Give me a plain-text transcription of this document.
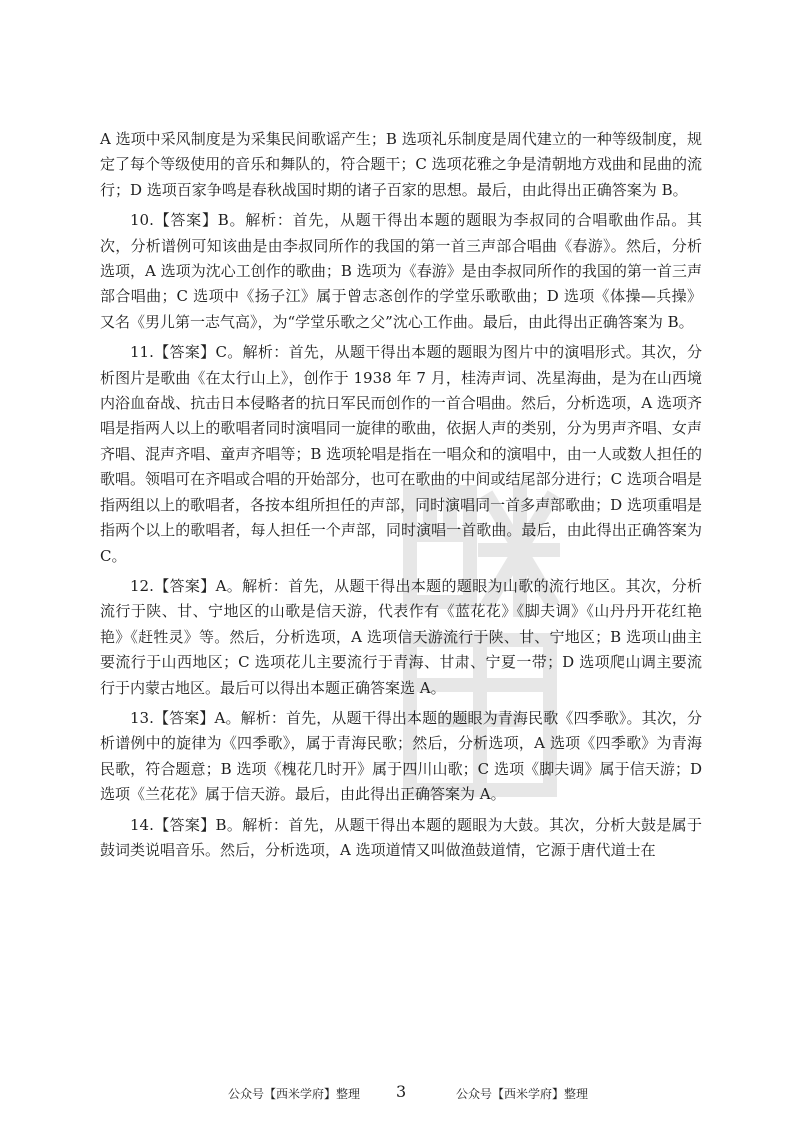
A 选项中采风制度是为采集民间歌谣产生；B 选项礼乐制度是周代建立的一种等级制度，规定了每个等级使用的音乐和舞队的，符合题干；C 选项花雅之争是清朝地方戏曲和昆曲的流行；D 选项百家争鸣是春秋战国时期的诸子百家的思想。最后，由此得出正确答案为 B。

10.【答案】B。解析：首先，从题干得出本题的题眼为李叔同的合唱歌曲作品。其次，分析谱例可知该曲是由李叔同所作的我国的第一首三声部合唱曲《春游》。然后，分析选项，A 选项为沈心工创作的歌曲；B 选项为《春游》是由李叔同所作的我国的第一首三声部合唱曲；C 选项中《扬子江》属于曾志忞创作的学堂乐歌歌曲；D 选项《体操—兵操》又名《男儿第一志气高》，为“学堂乐歌之父”沈心工作曲。最后，由此得出正确答案为 B。

11.【答案】C。解析：首先，从题干得出本题的题眼为图片中的演唱形式。其次，分析图片是歌曲《在太行山上》，创作于 1938 年 7 月，桂涛声词、冼星海曲，是为在山西境内浴血奋战、抗击日本侵略者的抗日军民而创作的一首合唱曲。然后，分析选项，A 选项齐唱是指两人以上的歌唱者同时演唱同一旋律的歌曲，依据人声的类别，分为男声齐唱、女声齐唱、混声齐唱、童声齐唱等；B 选项轮唱是指在一唱众和的演唱中，由一人或数人担任的歌唱。领唱可在齐唱或合唱的开始部分，也可在歌曲的中间或结尾部分进行；C 选项合唱是指两组以上的歌唱者，各按本组所担任的声部，同时演唱同一首多声部歌曲；D 选项重唱是指两个以上的歌唱者，每人担任一个声部，同时演唱一首歌曲。最后，由此得出正确答案为 C。

12.【答案】A。解析：首先，从题干得出本题的题眼为山歌的流行地区。其次，分析流行于陕、甘、宁地区的山歌是信天游，代表作有《蓝花花》《脚夫调》《山丹丹开花红艳艳》《赶牲灵》等。然后，分析选项，A 选项信天游流行于陕、甘、宁地区；B 选项山曲主要流行于山西地区；C 选项花儿主要流行于青海、甘肃、宁夏一带；D 选项爬山调主要流行于内蒙古地区。最后可以得出本题正确答案选 A。

13.【答案】A。解析：首先，从题干得出本题的题眼为青海民歌《四季歌》。其次，分析谱例中的旋律为《四季歌》，属于青海民歌；然后，分析选项，A 选项《四季歌》为青海民歌，符合题意；B 选项《槐花几时开》属于四川山歌；C 选项《脚夫调》属于信天游；D 选项《兰花花》属于信天游。最后，由此得出正确答案为 A。

14.【答案】B。解析：首先，从题干得出本题的题眼为大鼓。其次，分析大鼓是属于鼓词类说唱音乐。然后，分析选项，A 选项道情又叫做渔鼓道情，它源于唐代道士在

公众号【西米学府】整理 3	公众号【西米学府】整理
